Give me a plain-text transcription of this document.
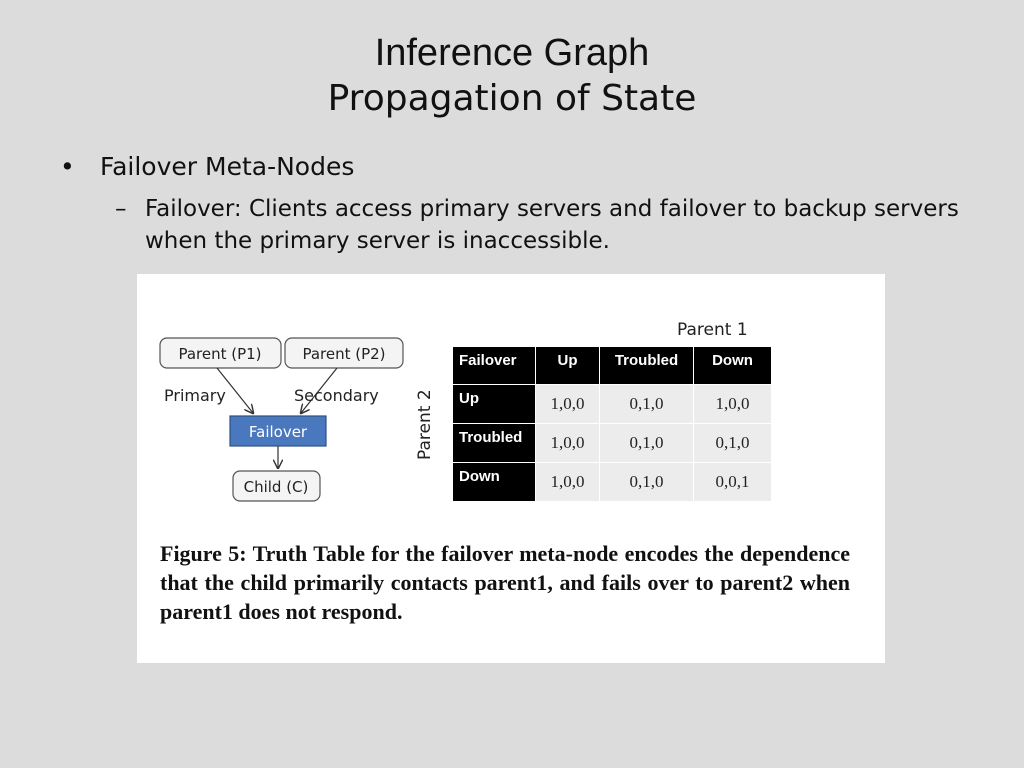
Inference Graph
Propagation of State
• Failover Meta-Nodes
– Failover: Clients access primary servers and failover to backup servers when the primary server is inaccessible.
Parent (P1)	Parent (P2)
Primary	Secondary
Failover
Child (C)
Parent 1
Parent 2
Failover	Up	Troubled	Down
Up	1,0,0	0,1,0	1,0,0
Troubled	1,0,0	0,1,0	0,1,0
Down	1,0,0	0,1,0	0,0,1
Figure 5: Truth Table for the failover meta-node encodes the dependence that the child primarily contacts parent1, and fails over to parent2 when parent1 does not respond.
